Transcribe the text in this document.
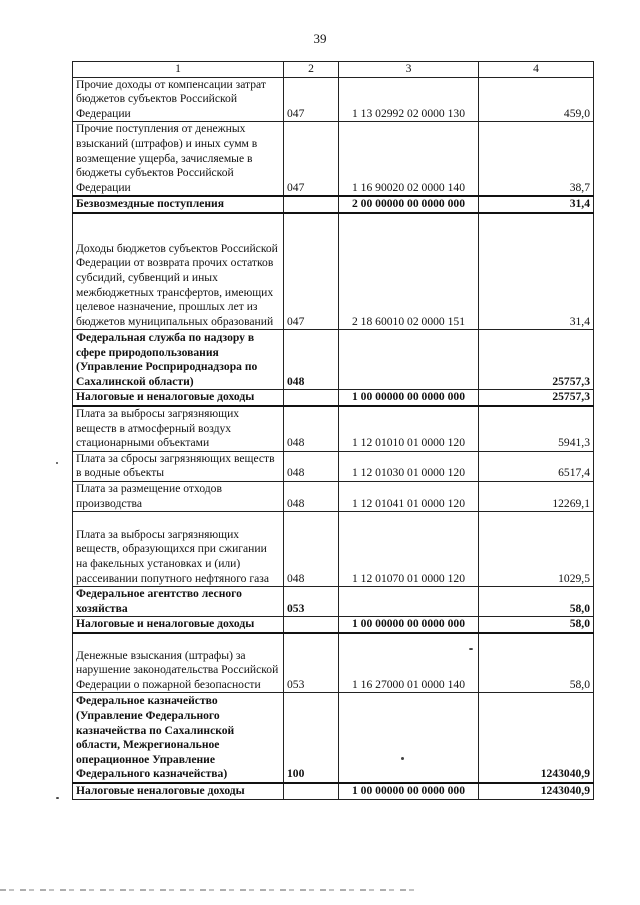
39
1	2	3	4
Прочие доходы от компенсации затрат бюджетов субъектов Российской Федерации	047	1 13 02992 02 0000 130	459,0
Прочие поступления от денежных взысканий (штрафов) и иных сумм в возмещение ущерба, зачисляемые в бюджеты субъектов Российской Федерации	047	1 16 90020 02 0000 140	38,7
Безвозмездные поступления		2 00 00000 00 0000 000	31,4
Доходы бюджетов субъектов Российской Федерации от возврата прочих остатков субсидий, субвенций и иных межбюджетных трансфертов, имеющих целевое назначение, прошлых лет из бюджетов муниципальных образований	047	2 18 60010 02 0000 151	31,4
Федеральная служба по надзору в сфере природопользования (Управление Росприроднадзора по Сахалинской области)	048		25757,3
Налоговые и неналоговые доходы		1 00 00000 00 0000 000	25757,3
Плата за выбросы загрязняющих веществ в атмосферный воздух стационарными объектами	048	1 12 01010 01 0000 120	5941,3
Плата за сбросы загрязняющих веществ в водные объекты	048	1 12 01030 01 0000 120	6517,4
Плата за размещение отходов производства	048	1 12 01041 01 0000 120	12269,1
Плата за выбросы загрязняющих веществ, образующихся при сжигании на факельных установках и (или) рассеивании попутного нефтяного газа	048	1 12 01070 01 0000 120	1029,5
Федеральное агентство лесного хозяйства	053		58,0
Налоговые и неналоговые доходы		1 00 00000 00 0000 000	58,0
Денежные взыскания (штрафы) за нарушение законодательства Российской Федерации о пожарной безопасности	053	1 16 27000 01 0000 140	58,0
Федеральное казначейство (Управление Федерального казначейства по Сахалинской области, Межрегиональное операционное Управление Федерального казначейства)	100		1243040,9
Налоговые неналоговые доходы		1 00 00000 00 0000 000	1243040,9
